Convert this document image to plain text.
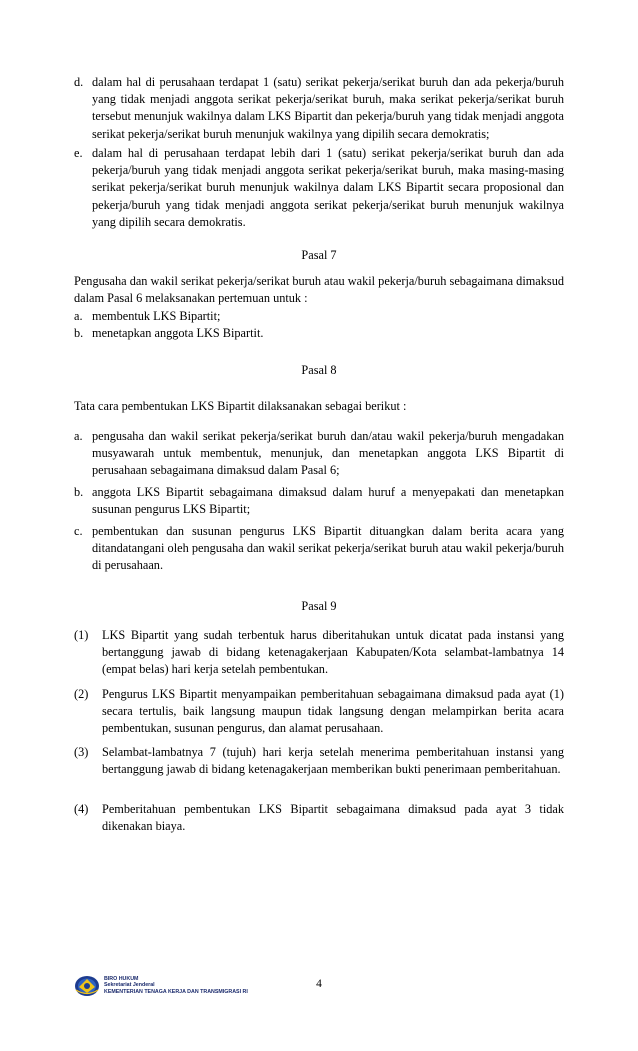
d. dalam hal di perusahaan terdapat 1 (satu) serikat pekerja/serikat buruh dan ada pekerja/buruh yang tidak menjadi anggota serikat pekerja/serikat buruh, maka serikat pekerja/serikat buruh tersebut menunjuk wakilnya dalam LKS Bipartit dan pekerja/buruh yang tidak menjadi anggota serikat pekerja/serikat buruh menunjuk wakilnya yang dipilih secara demokratis;
e. dalam hal di perusahaan terdapat lebih dari 1 (satu) serikat pekerja/serikat buruh dan ada pekerja/buruh yang tidak menjadi anggota serikat pekerja/serikat buruh, maka masing-masing serikat pekerja/serikat buruh menunjuk wakilnya dalam LKS Bipartit secara proposional dan pekerja/buruh yang tidak menjadi anggota serikat pekerja/serikat buruh menunjuk wakilnya yang dipilih secara demokratis.
Pasal 7
Pengusaha dan wakil serikat pekerja/serikat buruh atau wakil pekerja/buruh sebagaimana dimaksud dalam Pasal 6 melaksanakan pertemuan untuk :
a. membentuk LKS Bipartit;
b. menetapkan anggota LKS Bipartit.
Pasal 8
Tata cara pembentukan LKS Bipartit dilaksanakan sebagai berikut :
a. pengusaha dan wakil serikat pekerja/serikat buruh dan/atau wakil pekerja/buruh mengadakan musyawarah untuk membentuk, menunjuk, dan menetapkan anggota LKS Bipartit di perusahaan sebagaimana dimaksud dalam Pasal 6;
b. anggota LKS Bipartit sebagaimana dimaksud dalam huruf a menyepakati dan menetapkan susunan pengurus LKS Bipartit;
c. pembentukan dan susunan pengurus LKS Bipartit dituangkan dalam berita acara yang ditandatangani oleh pengusaha dan wakil serikat pekerja/serikat buruh atau wakil pekerja/buruh di perusahaan.
Pasal 9
(1) LKS Bipartit yang sudah terbentuk harus diberitahukan untuk dicatat pada instansi yang bertanggung jawab di bidang ketenagakerjaan Kabupaten/Kota selambat-lambatnya 14 (empat belas) hari kerja setelah pembentukan.
(2) Pengurus LKS Bipartit menyampaikan pemberitahuan sebagaimana dimaksud pada ayat (1) secara tertulis, baik langsung maupun tidak langsung dengan melampirkan berita acara pembentukan, susunan pengurus, dan alamat perusahaan.
(3) Selambat-lambatnya 7 (tujuh) hari kerja setelah menerima pemberitahuan instansi yang bertanggung jawab di bidang ketenagakerjaan memberikan bukti penerimaan pemberitahuan.
(4) Pemberitahuan pembentukan LKS Bipartit sebagaimana dimaksud pada ayat 3 tidak dikenakan biaya.
BIRO HUKUM
Sekretariat Jenderal
KEMENTERIAN TENAGA KERJA DAN TRANSMIGRASI RI
4
